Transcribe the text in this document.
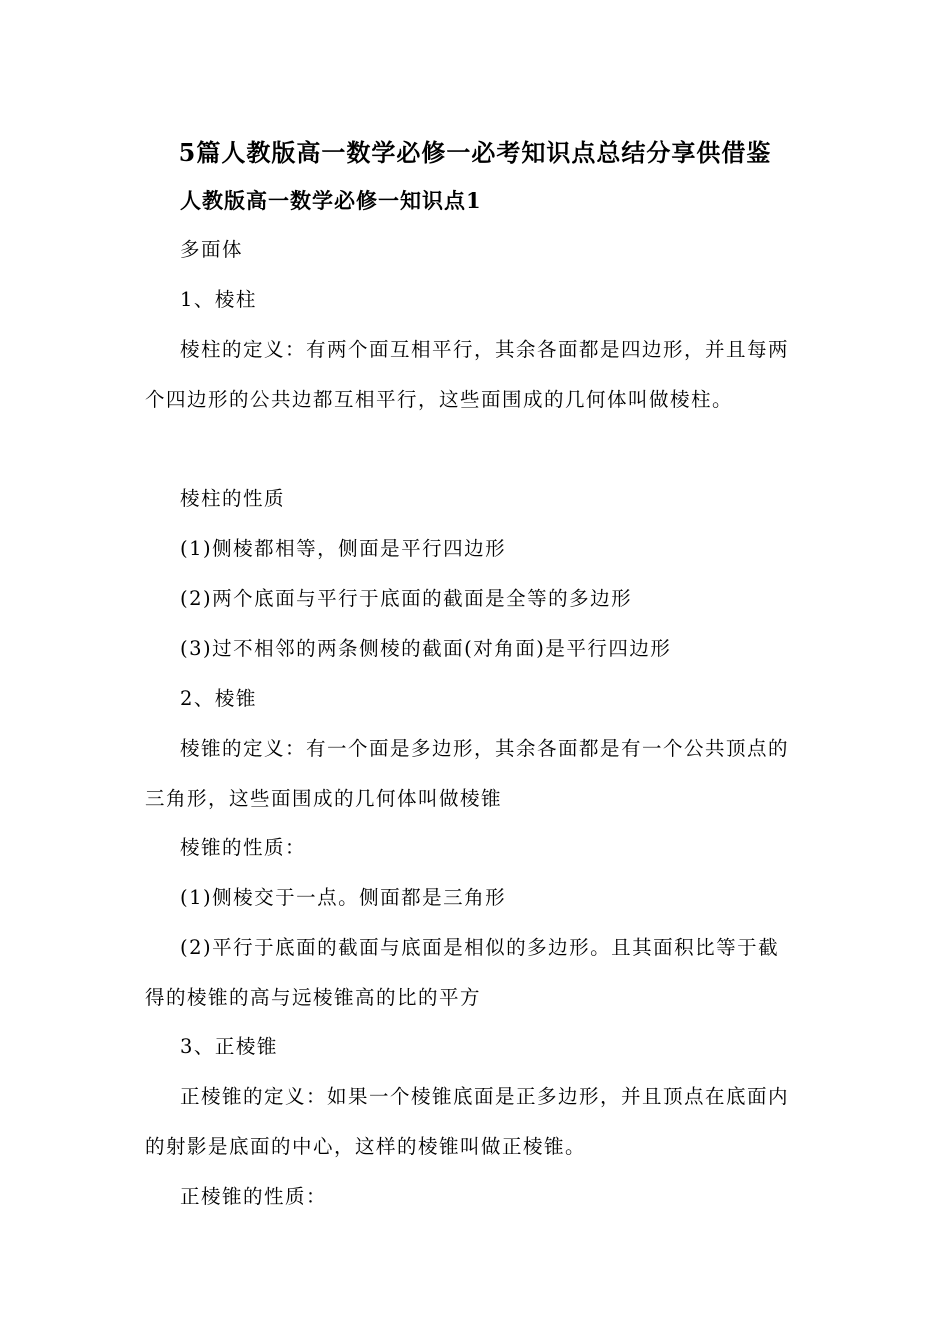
5篇人教版高一数学必修一必考知识点总结分享供借鉴
人教版高一数学必修一知识点1

多面体

1、棱柱

棱柱的定义：有两个面互相平行，其余各面都是四边形，并且每两个四边形的公共边都互相平行，这些面围成的几何体叫做棱柱。

棱柱的性质

(1)侧棱都相等，侧面是平行四边形

(2)两个底面与平行于底面的截面是全等的多边形

(3)过不相邻的两条侧棱的截面(对角面)是平行四边形

2、棱锥

棱锥的定义：有一个面是多边形，其余各面都是有一个公共顶点的三角形，这些面围成的几何体叫做棱锥

棱锥的性质：

(1)侧棱交于一点。侧面都是三角形

(2)平行于底面的截面与底面是相似的多边形。且其面积比等于截得的棱锥的高与远棱锥高的比的平方

3、正棱锥

正棱锥的定义：如果一个棱锥底面是正多边形，并且顶点在底面内的射影是底面的中心，这样的棱锥叫做正棱锥。

正棱锥的性质：
